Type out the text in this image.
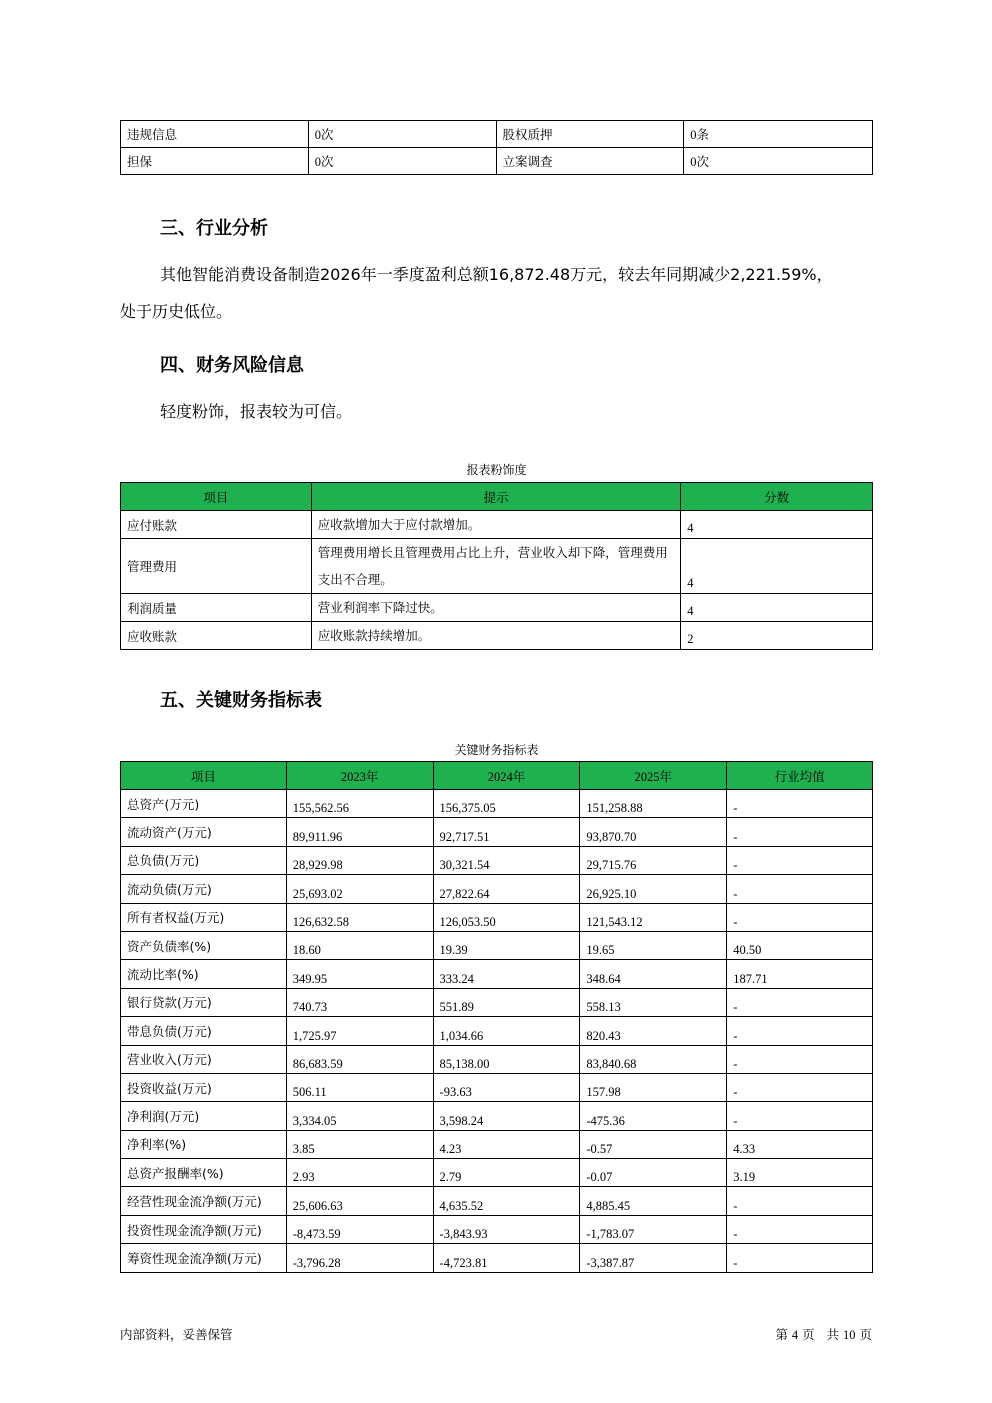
违规信息	0次	股权质押	0条
担保	0次	立案调查	0次
三、行业分析
其他智能消费设备制造2026年一季度盈利总额16,872.48万元，较去年同期减少2,221.59%，
处于历史低位。
四、财务风险信息
轻度粉饰，报表较为可信。
报表粉饰度
项目	提示	分数
应付账款	应收款增加大于应付款增加。	4
管理费用	管理费用增长且管理费用占比上升，营业收入却下降，管理费用支出不合理。	4
利润质量	营业利润率下降过快。	4
应收账款	应收账款持续增加。	2
五、关键财务指标表
关键财务指标表
项目	2023年	2024年	2025年	行业均值
总资产(万元)	155,562.56	156,375.05	151,258.88	-
流动资产(万元)	89,911.96	92,717.51	93,870.70	-
总负债(万元)	28,929.98	30,321.54	29,715.76	-
流动负债(万元)	25,693.02	27,822.64	26,925.10	-
所有者权益(万元)	126,632.58	126,053.50	121,543.12	-
资产负债率(%)	18.60	19.39	19.65	40.50
流动比率(%)	349.95	333.24	348.64	187.71
银行贷款(万元)	740.73	551.89	558.13	-
带息负债(万元)	1,725.97	1,034.66	820.43	-
营业收入(万元)	86,683.59	85,138.00	83,840.68	-
投资收益(万元)	506.11	-93.63	157.98	-
净利润(万元)	3,334.05	3,598.24	-475.36	-
净利率(%)	3.85	4.23	-0.57	4.33
总资产报酬率(%)	2.93	2.79	-0.07	3.19
经营性现金流净额(万元)	25,606.63	4,635.52	4,885.45	-
投资性现金流净额(万元)	-8,473.59	-3,843.93	-1,783.07	-
筹资性现金流净额(万元)	-3,796.28	-4,723.81	-3,387.87	-
内部资料，妥善保管	第 4 页   共 10 页
